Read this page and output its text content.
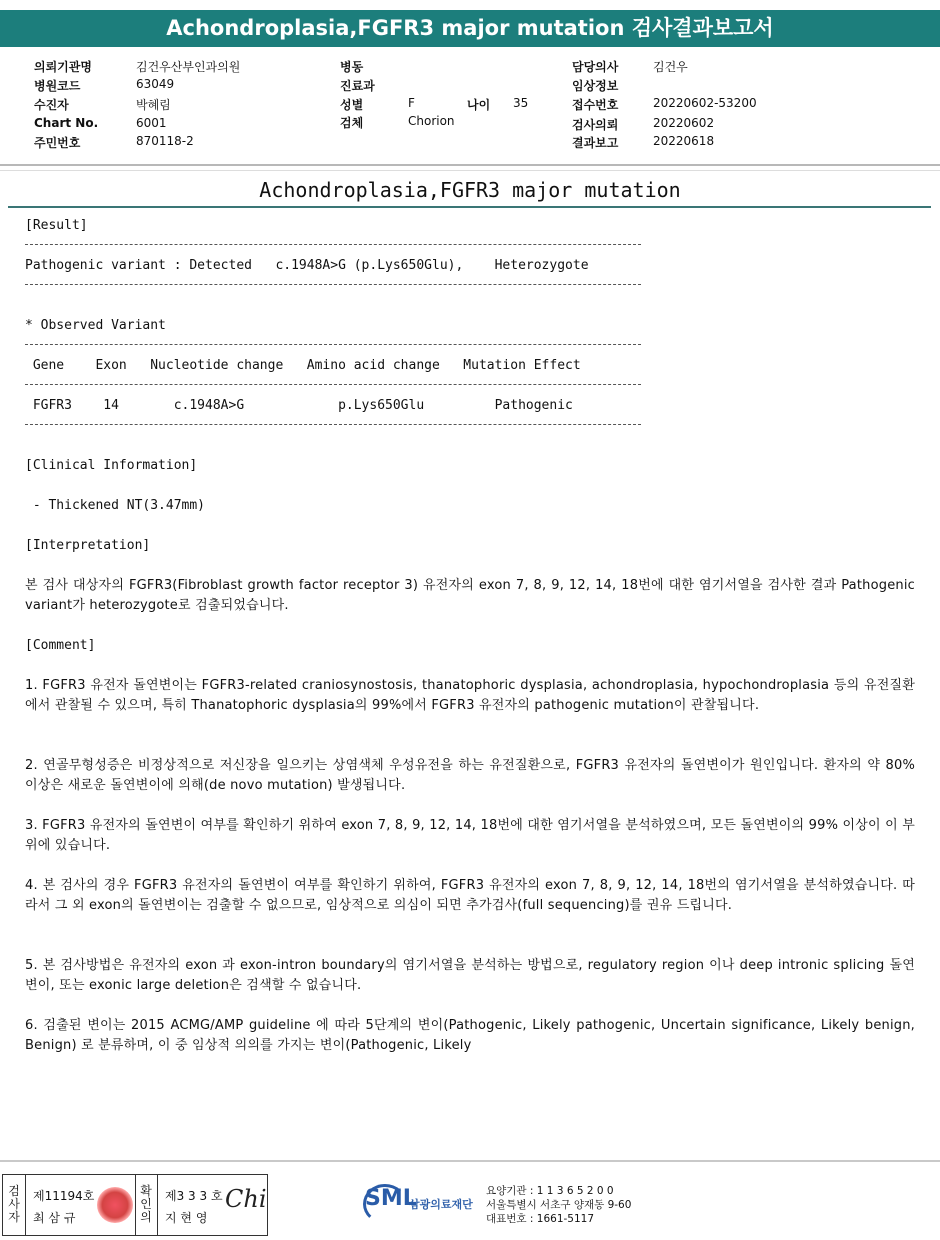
Achondroplasia,FGFR3 major mutation 검사결과보고서
의뢰기관명	김건우산부인과의원
병원코드	63049
수진자	박혜림
Chart No.	6001
주민번호	870118-2
병동
진료과
성별	F	나이 35
검체	Chorion
담당의사	김건우
임상정보
접수번호	20220602-53200
검사의뢰	20220602
결과보고	20220618
Achondroplasia,FGFR3 major mutation
[Result]
Pathogenic variant : Detected   c.1948A>G (p.Lys650Glu),    Heterozygote
* Observed Variant
Gene    Exon   Nucleotide change   Amino acid change   Mutation Effect
FGFR3    14       c.1948A>G            p.Lys650Glu         Pathogenic
[Clinical Information]
- Thickened NT(3.47mm)
[Interpretation]
본 검사 대상자의 FGFR3(Fibroblast growth factor receptor 3) 유전자의 exon 7, 8, 9, 12, 14, 18번에 대한 염기서열을 검사한 결과 Pathogenic variant가 heterozygote로 검출되었습니다.
[Comment]
1. FGFR3 유전자 돌연변이는 FGFR3-related craniosynostosis, thanatophoric dysplasia, achondroplasia, hypochondroplasia 등의 유전질환에서 관찰될 수 있으며, 특히 Thanatophoric dysplasia의 99%에서 FGFR3 유전자의 pathogenic mutation이 관찰됩니다.
2. 연골무형성증은 비정상적으로 저신장을 일으키는 상염색체 우성유전을 하는 유전질환으로, FGFR3 유전자의 돌연변이가 원인입니다. 환자의 약 80% 이상은 새로운 돌연변이에 의해(de novo mutation) 발생됩니다.
3. FGFR3 유전자의 돌연변이 여부를 확인하기 위하여 exon 7, 8, 9, 12, 14, 18번에 대한 염기서열을 분석하였으며, 모든 돌연변이의 99% 이상이 이 부위에 있습니다.
4. 본 검사의 경우 FGFR3 유전자의 돌연변이 여부를 확인하기 위하여, FGFR3 유전자의 exon 7, 8, 9, 12, 14, 18번의 염기서열을 분석하였습니다. 따라서 그 외 exon의 돌연변이는 검출할 수 없으므로, 임상적으로 의심이 되면 추가검사(full sequencing)를 권유 드립니다.
5. 본 검사방법은 유전자의 exon 과 exon-intron boundary의 염기서열을 분석하는 방법으로, regulatory region 이나 deep intronic splicing 돌연변이, 또는 exonic large deletion은 검색할 수 없습니다.
6. 검출된 변이는 2015 ACMG/AMP guideline 에 따라 5단계의 변이(Pathogenic, Likely pathogenic, Uncertain significance, Likely benign, Benign) 로 분류하며, 이 중 임상적 의의를 가지는 변이(Pathogenic, Likely
검사자
제11194호
최 삼 규
확인의
제3 3 3 호
지 현 영
Chi	SML
삼광의료재단
요양기관 : 1 1 3 6 5 2 0 0
서울특별시 서초구 양재동 9-60
대표번호 : 1661-5117
